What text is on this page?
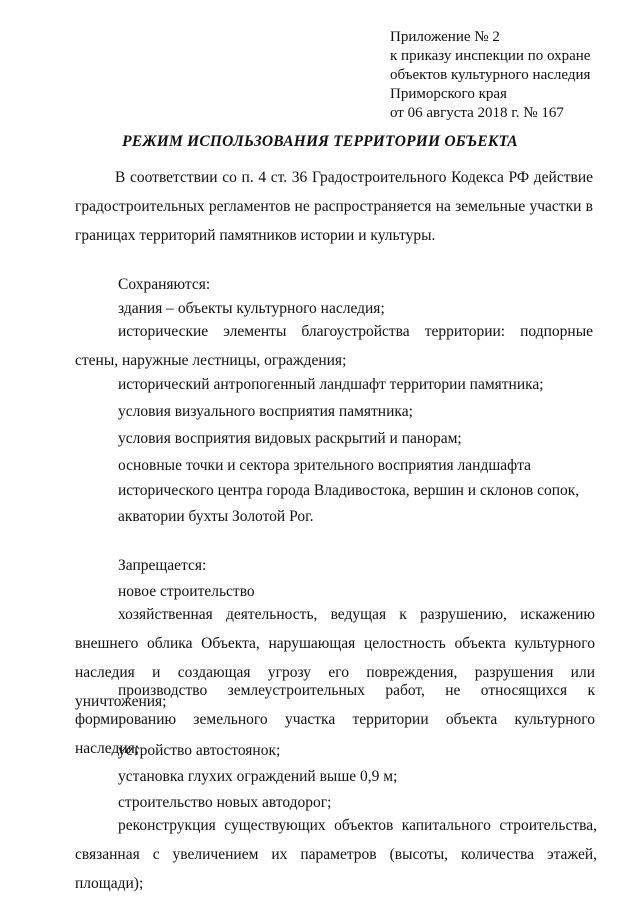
Приложение № 2
к приказу инспекции по охране
объектов культурного наследия
Приморского края
от 06 августа 2018 г. № 167
РЕЖИМ ИСПОЛЬЗОВАНИЯ ТЕРРИТОРИИ ОБЪЕКТА
В соответствии со п. 4 ст. 36 Градостроительного Кодекса РФ действие градостроительных регламентов не распространяется на земельные участки в границах территорий памятников истории и культуры.
Сохраняются:
здания – объекты культурного наследия;
исторические элементы благоустройства территории: подпорные стены, наружные лестницы, ограждения;
исторический антропогенный ландшафт территории памятника;
условия визуального восприятия памятника;
условия восприятия видовых раскрытий и панорам;
основные точки и сектора зрительного восприятия ландшафта
исторического центра города Владивостока, вершин и склонов сопок,
акватории бухты Золотой Рог.
Запрещается:
новое строительство
хозяйственная деятельность, ведущая к разрушению, искажению внешнего облика Объекта, нарушающая целостность объекта культурного наследия и создающая угрозу его повреждения, разрушения или уничтожения;
производство землеустроительных работ, не относящихся к формированию земельного участка территории объекта культурного наследия;
устройство автостоянок;
установка глухих ограждений выше 0,9 м;
строительство новых автодорог;
реконструкция существующих объектов капитального строительства, связанная с увеличением их параметров (высоты, количества этажей, площади);
